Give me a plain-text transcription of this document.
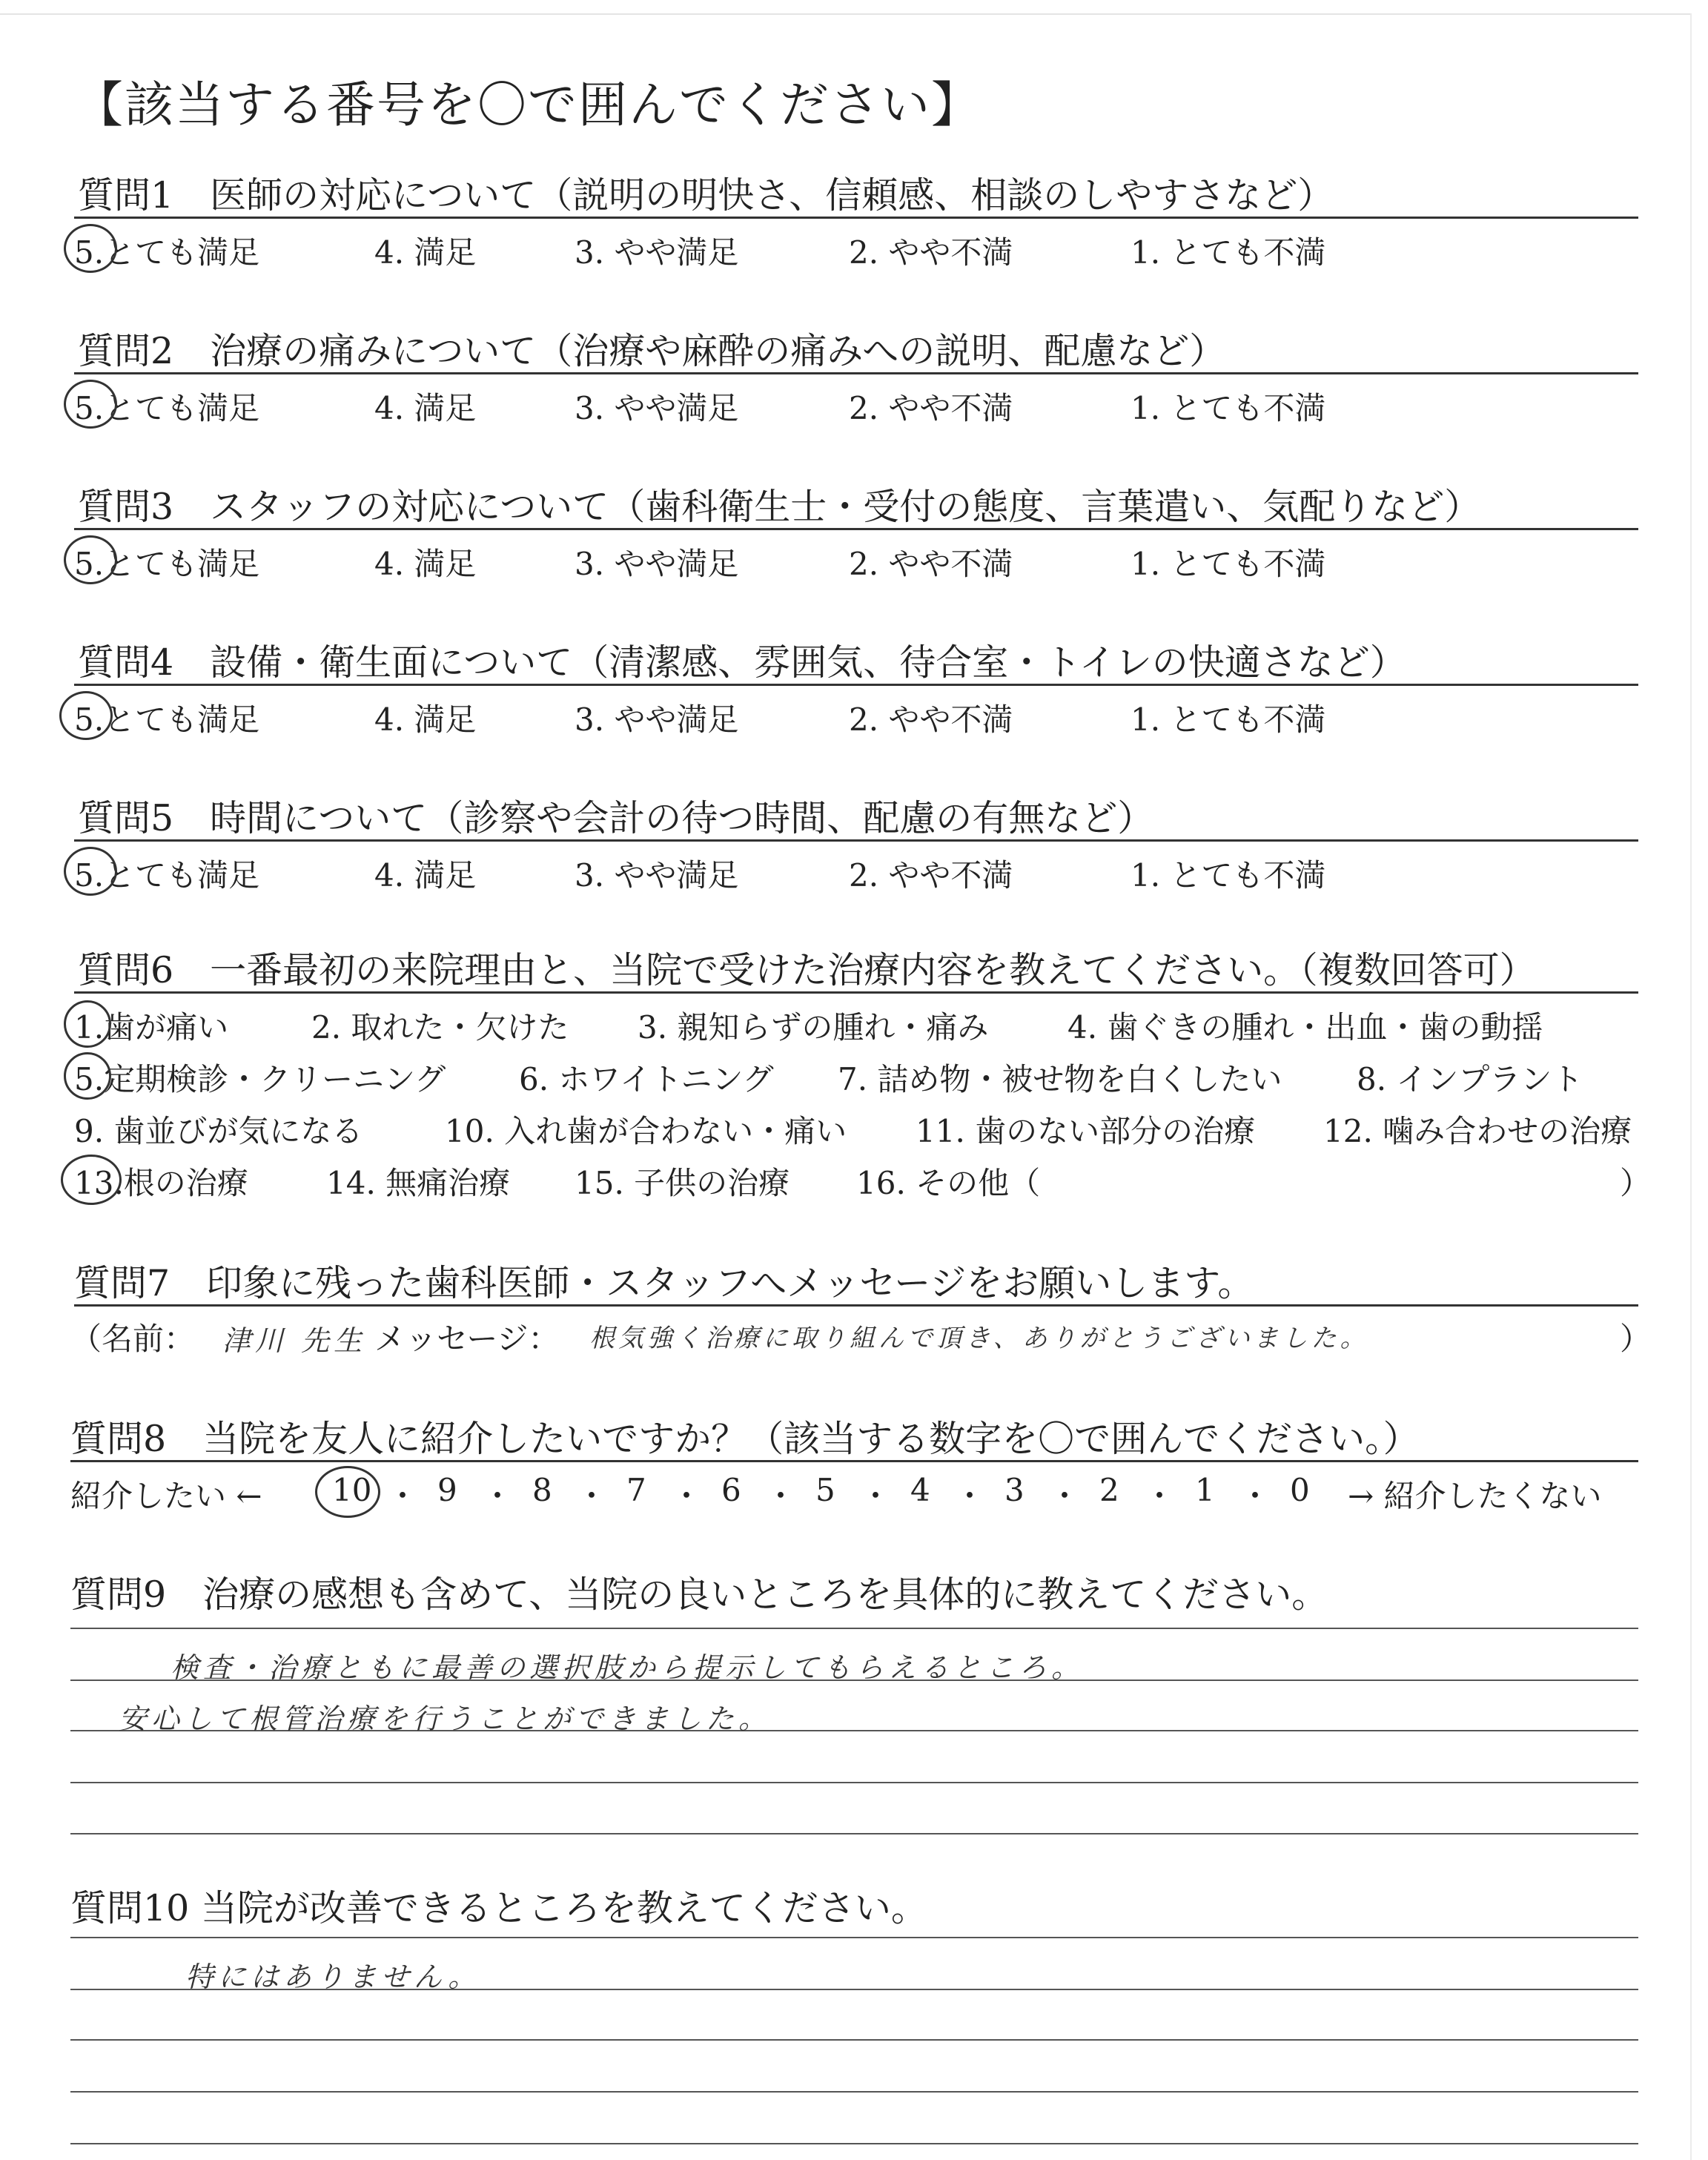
【該当する番号を〇で囲んでください】
質問1　医師の対応について（説明の明快さ、信頼感、相談のしやすさなど）
5.とても満足	4. 満足	3. やや満足	2. やや不満	1. とても不満
質問2　治療の痛みについて（治療や麻酔の痛みへの説明、配慮など）
5.とても満足	4. 満足	3. やや満足	2. やや不満	1. とても不満
質問3　スタッフの対応について（歯科衛生士・受付の態度、言葉遣い、気配りなど）
5.とても満足	4. 満足	3. やや満足	2. やや不満	1. とても不満
質問4　設備・衛生面について（清潔感、雰囲気、待合室・トイレの快適さなど）
5.とても満足	4. 満足	3. やや満足	2. やや不満	1. とても不満
質問5　時間について（診察や会計の待つ時間、配慮の有無など）
5.とても満足	4. 満足	3. やや満足	2. やや不満	1. とても不満
質問6　一番最初の来院理由と、当院で受けた治療内容を教えてください。（複数回答可）
1.歯が痛い	2. 取れた・欠けた 3. 親知らずの腫れ・痛み	4. 歯ぐきの腫れ・出血・歯の動揺
5.定期検診・クリーニング 6. ホワイトニング 7. 詰め物・被せ物を白くしたい 8. インプラント
9. 歯並びが気になる	10. 入れ歯が合わない・痛い 11. 歯のない部分の治療 12. 噛み合わせの治療
13.根の治療	14. 無痛治療 15. 子供の治療 16. その他（	）
質問7　印象に残った歯科医師・スタッフへメッセージをお願いします。
（名前： 津川 先生 メッセージ： 根気強く治療に取り組んで頂き、ありがとうございました。	）
質問8　当院を友人に紹介したいですか？（該当する数字を〇で囲んでください。）
紹介したい ←	→ 紹介したくない
10 9 8 7 6 5 4 3 2 1 0
・ ・ ・ ・ ・ ・ ・ ・ ・ ・
質問9　治療の感想も含めて、当院の良いところを具体的に教えてください。
検査・治療ともに最善の選択肢から提示してもらえるところ。
安心して根管治療を行うことができました。
質問10 当院が改善できるところを教えてください。
特にはありません。
